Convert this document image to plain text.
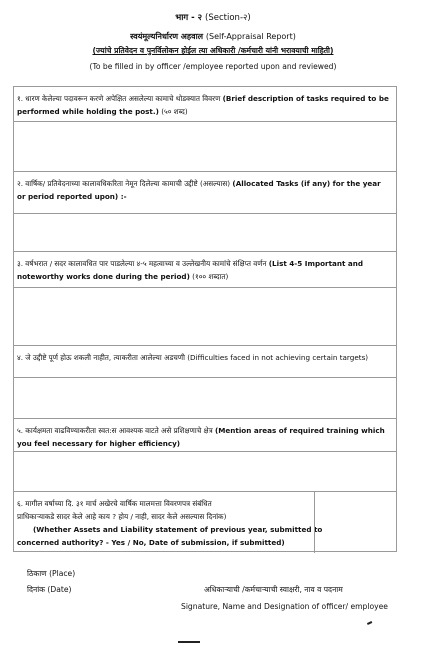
भाग - २ (Section-२)
स्वयंमूल्यनिर्धारण अहवाल (Self-Appraisal Report)
(ज्यांचे प्रतिवेदन व पुनर्विलोकन होईल त्या अधिकारी /कर्मचारी यांनी भरावयाची माहिती)
(To be filled in by officer /employee reported upon and reviewed)
१. धारण केलेल्या पदावरून करणे अपेक्षित असलेल्या कामाचे थोडक्यात विवरण (Brief description of tasks required to be performed while holding the post.) (५० शब्द)
२. वार्षिक/ प्रतिवेदनाच्या कालावधिकरिता नेमून दिलेल्या कामाची उद्दीष्टे (असल्यास) (Allocated Tasks (if any) for the year or period reported upon) :-
३. वर्षभरात / सदर कालावधित पार पाडलेल्या ४-५ महत्वाच्या व उल्लेखनीय कामांचे संक्षिप्त वर्णन (List 4-5 Important and noteworthy works done during the period) (१०० शब्दात)
४. जे उद्दीष्टे पूर्ण होऊ शकली नाहीत, त्याकरीता आलेल्या अडचणी (Difficulties faced in not achieving certain targets)
५. कार्यक्षमता वाढविण्याकरीता स्वत:स आवश्यक वाटते असे प्रशिक्षणाचे क्षेत्र (Mention areas of required training which you feel necessary for higher efficiency)
६. मागील वर्षाच्या दि. ३१ मार्च अखेरचे वार्षिक मालमत्ता विवरणपत्र संबंधित
प्राधिकाऱ्याकडे सादर केले आहे काय ? होय / नाही, सादर केले असल्यास दिनांक)
(Whether Assets and Liability statement of previous year, submitted to
concerned authority? - Yes / No, Date of submission, if submitted)
ठिकाण (Place)
दिनांक (Date)	अधिकाऱ्याची /कर्मचाऱ्याची स्वाक्षरी, नाव व पदनाम
Signature, Name and Designation of officer/ employee
